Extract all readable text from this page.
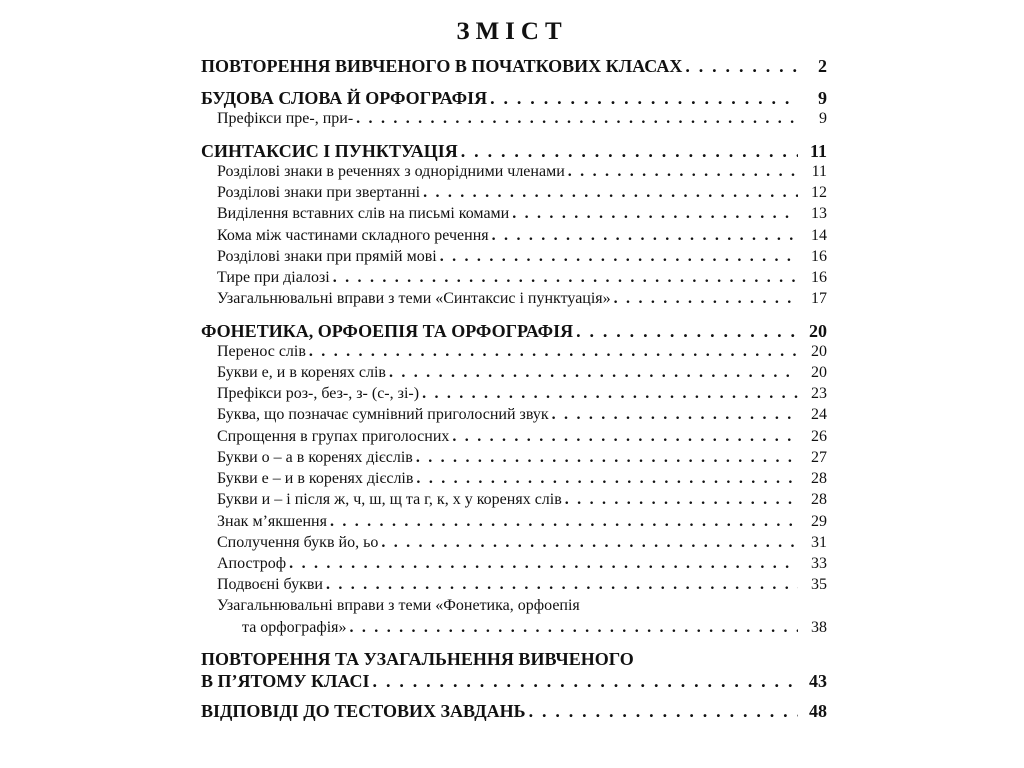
ЗМІСТ
ПОВТОРЕННЯ ВИВЧЕНОГО В ПОЧАТКОВИХ КЛАСАХ . . .	2
БУДОВА СЛОВА Й ОРФОГРАФІЯ . . .	9
Префікси пре-, при- . . .	9
СИНТАКСИС І ПУНКТУАЦІЯ . . .	11
Розділові знаки в реченнях з однорідними членами . . .	11
Розділові знаки при звертанні . . .	12
Виділення вставних слів на письмі комами . . .	13
Кома між частинами складного речення . . .	14
Розділові знаки при прямій мові . . .	16
Тире при діалозі . . .	16
Узагальнювальні вправи з теми «Синтаксис і пунктуація» . . .	17
ФОНЕТИКА, ОРФОЕПІЯ ТА ОРФОГРАФІЯ . . .	20
Перенос слів . . .	20
Букви е, и в коренях слів . . .	20
Префікси роз-, без-, з- (с-, зі-) . . .	23
Буква, що позначає сумнівний приголосний звук . . .	24
Спрощення в групах приголосних . . .	26
Букви о – а в коренях дієслів . . .	27
Букви е – и в коренях дієслів . . .	28
Букви и – і після ж, ч, ш, щ та г, к, х у коренях слів . . .	28
Знак м’якшення . . .	29
Сполучення букв йо, ьо . . .	31
Апостроф . . .	33
Подвоєні букви . . .	35
Узагальнювальні вправи з теми «Фонетика, орфоепія
та орфографія» . . .	38
ПОВТОРЕННЯ ТА УЗАГАЛЬНЕННЯ ВИВЧЕНОГО
В П’ЯТОМУ КЛАСІ . . .	43
ВІДПОВІДІ ДО ТЕСТОВИХ ЗАВДАНЬ . . .	48
